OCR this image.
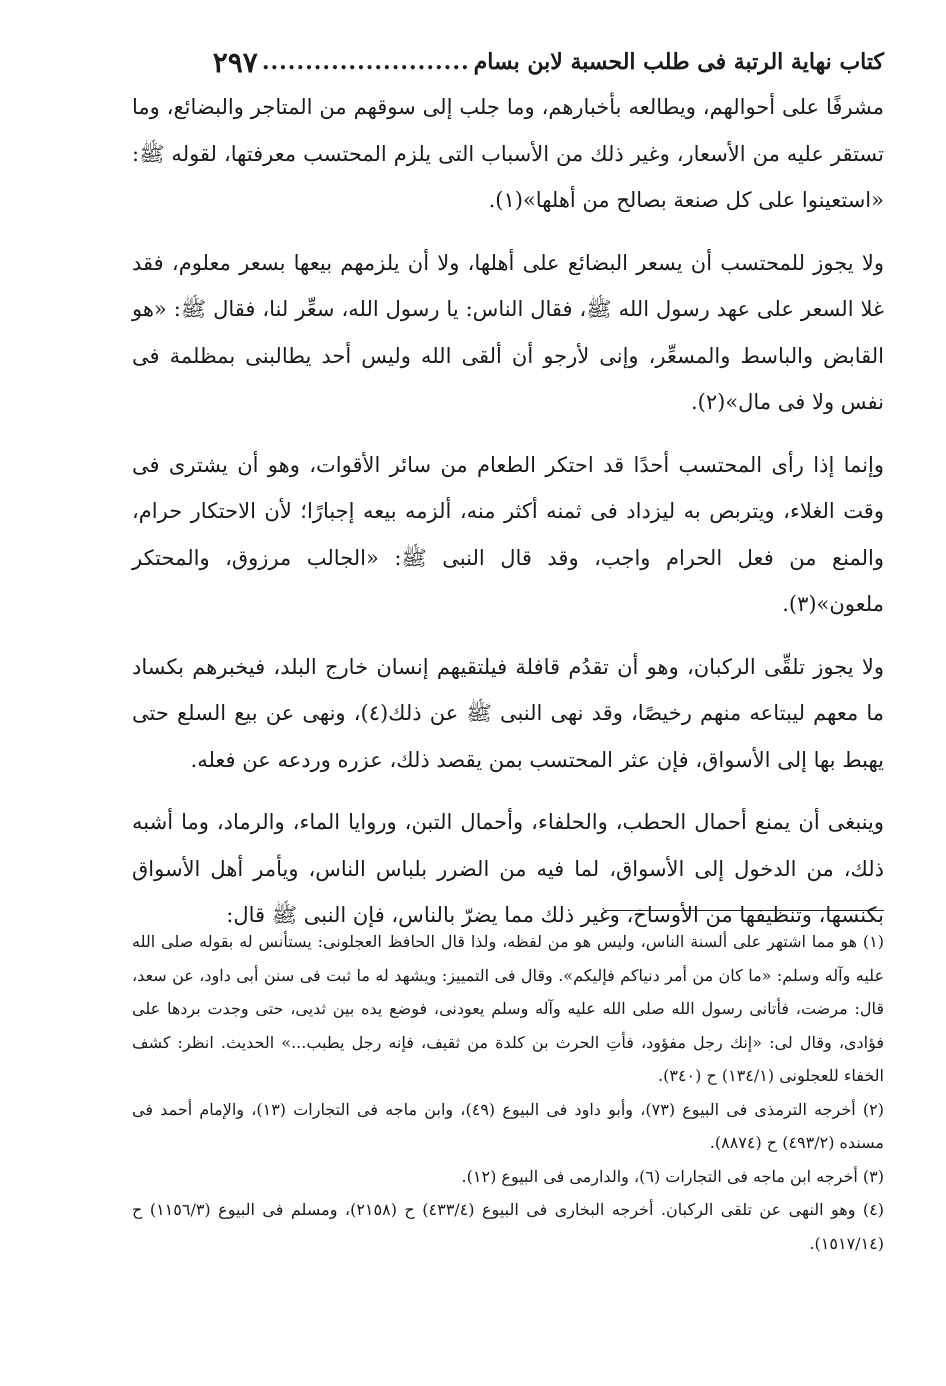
كتاب نهاية الرتبة فى طلب الحسبة لابن بسام
........................
٢٩٧

مشرفًا على أحوالهم، ويطالعه بأخبارهم، وما جلب إلى سوقهم من المتاجر والبضائع، وما تستقر عليه من الأسعار، وغير ذلك من الأسباب التى يلزم المحتسب معرفتها، لقوله ﷺ: «استعينوا على كل صنعة بصالح من أهلها»(١).

ولا يجوز للمحتسب أن يسعر البضائع على أهلها، ولا أن يلزمهم بيعها بسعر معلوم، فقد غلا السعر على عهد رسول الله ﷺ، فقال الناس: يا رسول الله، سعِّر لنا، فقال ﷺ: «هو القابض والباسط والمسعِّر، وإنى لأرجو أن ألقى الله وليس أحد يطالبنى بمظلمة فى نفس ولا فى مال»(٢).

وإنما إذا رأى المحتسب أحدًا قد احتكر الطعام من سائر الأقوات، وهو أن يشترى فى وقت الغلاء، ويتربص به ليزداد فى ثمنه أكثر منه، ألزمه بيعه إجبارًا؛ لأن الاحتكار حرام، والمنع من فعل الحرام واجب، وقد قال النبى ﷺ: «الجالب مرزوق، والمحتكر ملعون»(٣).

ولا يجوز تلقِّى الركبان، وهو أن تقدُم قافلة فيلتقيهم إنسان خارج البلد، فيخبرهم بكساد ما معهم ليبتاعه منهم رخيصًا، وقد نهى النبى ﷺ عن ذلك(٤)، ونهى عن بيع السلع حتى يهبط بها إلى الأسواق، فإن عثر المحتسب بمن يقصد ذلك، عزره وردعه عن فعله.

وينبغى أن يمنع أحمال الحطب، والحلفاء، وأحمال التبن، وروايا الماء، والرماد، وما أشبه ذلك، من الدخول إلى الأسواق، لما فيه من الضرر بلباس الناس، ويأمر أهل الأسواق بكنسها، وتنظيفها من الأوساخ، وغير ذلك مما يضرّ بالناس، فإن النبى ﷺ قال:

(١) هو مما اشتهر على ألسنة الناس، وليس هو من لفظه، ولذا قال الحافظ العجلونى: يستأنس له بقوله صلى الله عليه وآله وسلم: «ما كان من أمر دنياكم فإليكم». وقال فى التمييز: ويشهد له ما ثبت فى سنن أبى داود، عن سعد، قال: مرضت، فأتانى رسول الله صلى الله عليه وآله وسلم يعودنى، فوضع يده بين ثديى، حتى وجدت بردها على فؤادى، وقال لى: «إنك رجل مفؤود، فأتِ الحرث بن كلدة من ثقيف، فإنه رجل يطبب...» الحديث. انظر: كشف الخفاء للعجلونى (١٣٤/١) ح (٣٤٠).

(٢) أخرجه الترمذى فى البيوع (٧٣)، وأبو داود فى البيوع (٤٩)، وابن ماجه فى التجارات (١٣)، والإمام أحمد فى مسنده (٤٩٣/٢) ح (٨٨٧٤).

(٣) أخرجه ابن ماجه فى التجارات (٦)، والدارمى فى البيوع (١٢).

(٤) وهو النهى عن تلقى الركبان. أخرجه البخارى فى البيوع (٤٣٣/٤) ح (٢١٥٨)، ومسلم فى البيوع (١١٥٦/٣) ح (١٥١٧/١٤).
